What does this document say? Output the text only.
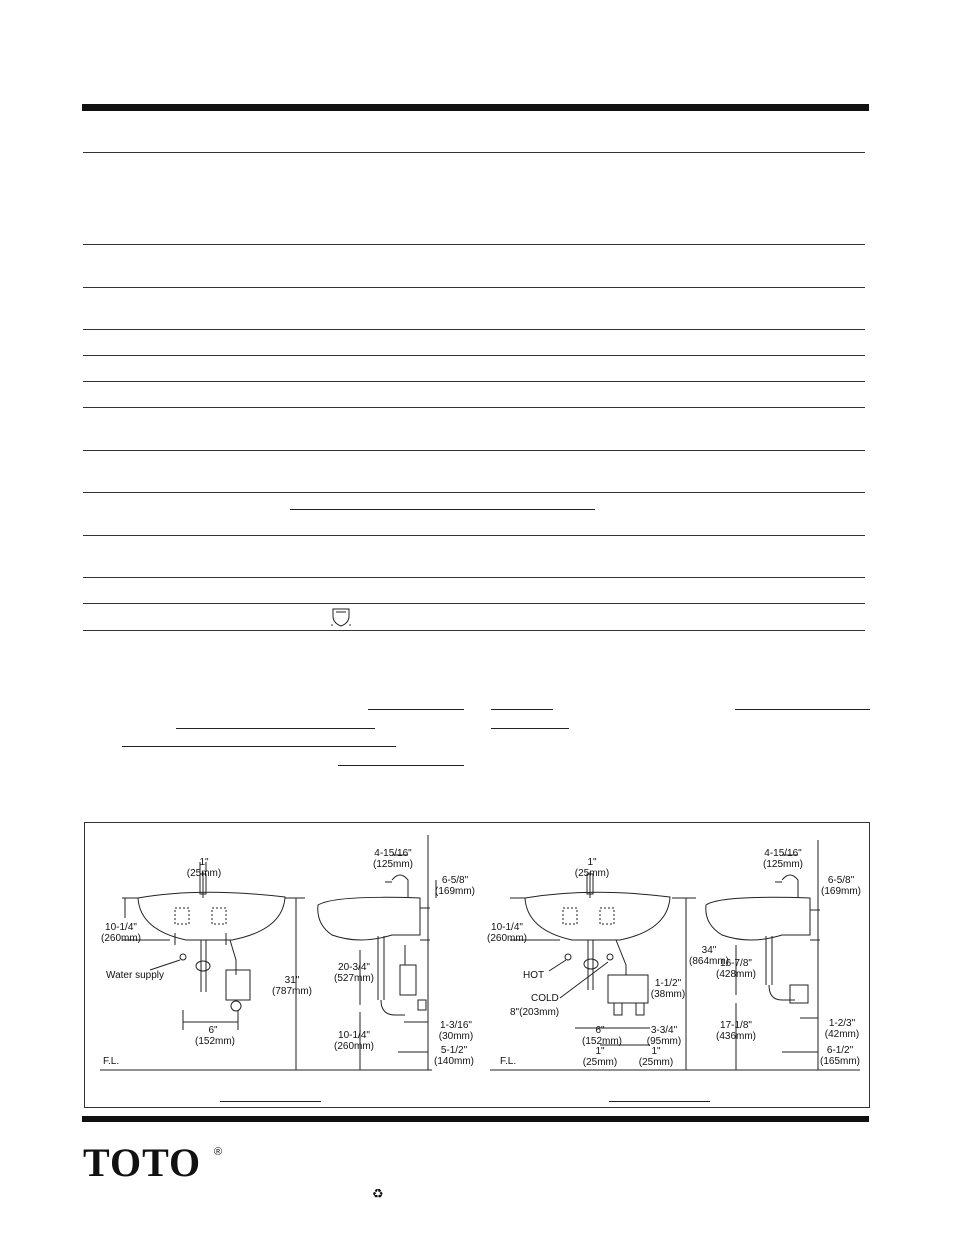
1"
(25mm)
10-1/4"
(260mm)
Water supply
6"
(152mm)
31"
(787mm)
F.L.
4-15/16"
(125mm)
6-5/8"
(169mm)
20-3/4"
(527mm)
10-1/4"
(260mm)
1-3/16"
(30mm)
5-1/2"
(140mm)
1"
(25mm)
10-1/4"
(260mm)
HOT
COLD
8"(203mm)
1-1/2"
(38mm)
6"
(152mm)
3-3/4"
(95mm)
1"
(25mm)
1"
(25mm)
34"
(864mm)
F.L.
4-15/16"
(125mm)
6-5/8"
(169mm)
16-7/8"
(428mm)
17-1/8"
(436mm)
1-2/3"
(42mm)
6-1/2"
(165mm)
TOTO ®
♻
